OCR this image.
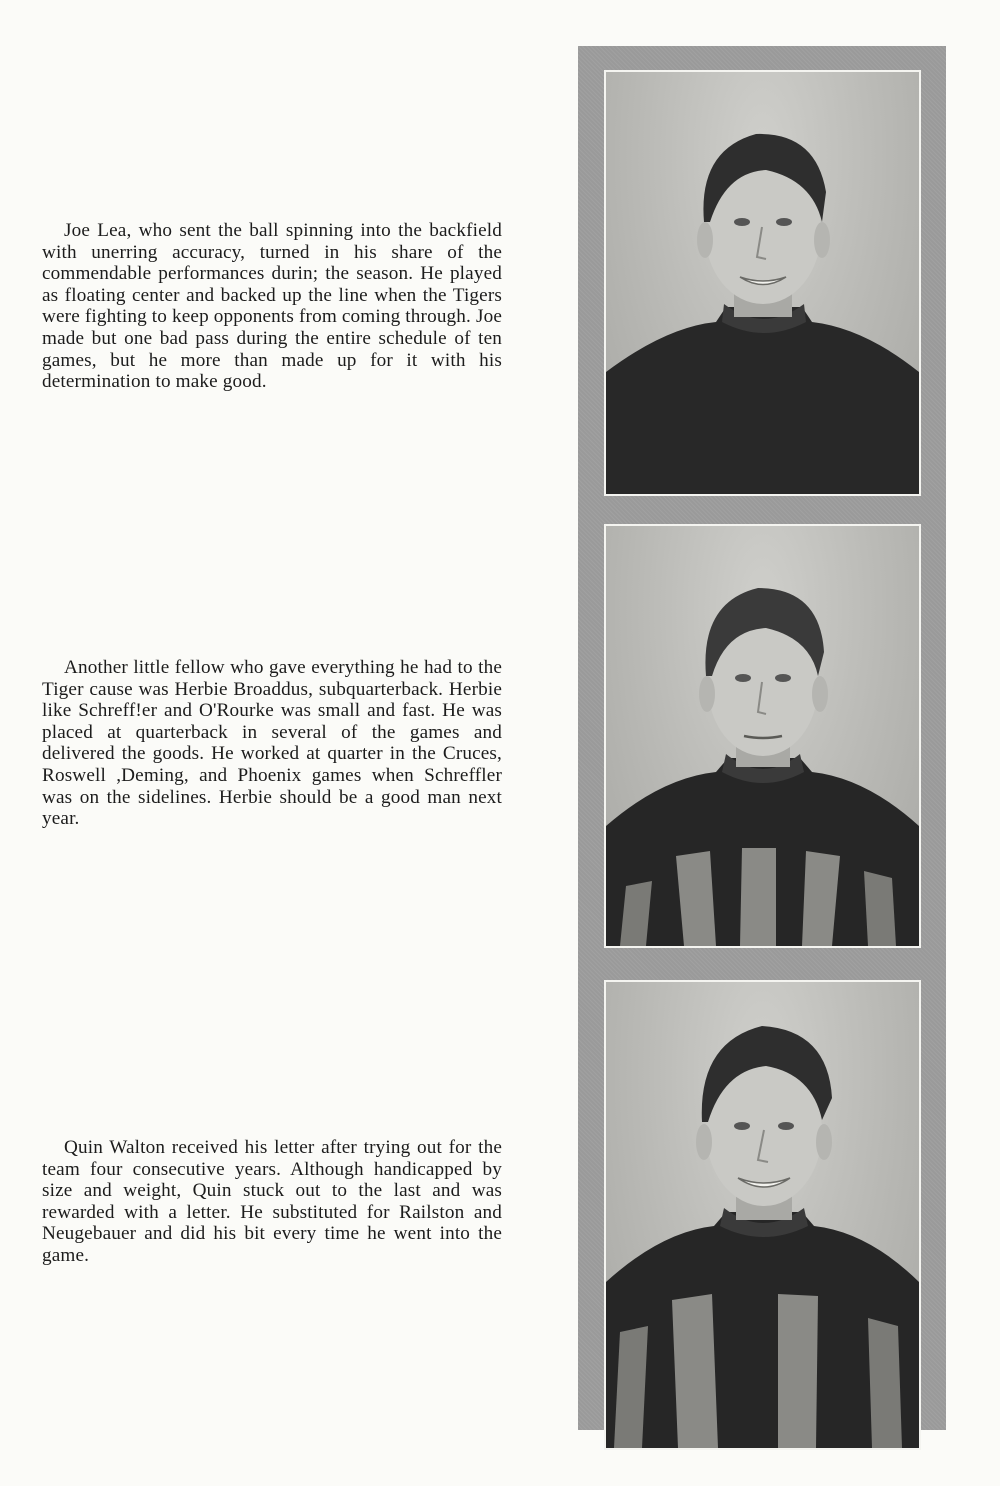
Joe Lea, who sent the ball spinning into the backfield with unerring accuracy, turned in his share of the commendable performances durin; the season. He played as floating center and backed up the line when the Tigers were fighting to keep opponents from coming through. Joe made but one bad pass during the entire schedule of ten games, but he more than made up for it with his determination to make good.

Another little fellow who gave everything he had to the Tiger cause was Herbie Broaddus, subquarterback. Herbie like Schreff!er and O'Rourke was small and fast. He was placed at quarterback in several of the games and delivered the goods. He worked at quarter in the Cruces, Roswell ,Deming, and Phoenix games when Schreffler was on the sidelines. Herbie should be a good man next year.

Quin Walton received his letter after trying out for the team four consecutive years. Although handicapped by size and weight, Quin stuck out to the last and was rewarded with a letter. He substituted for Railston and Neugebauer and did his bit every time he went into the game.
